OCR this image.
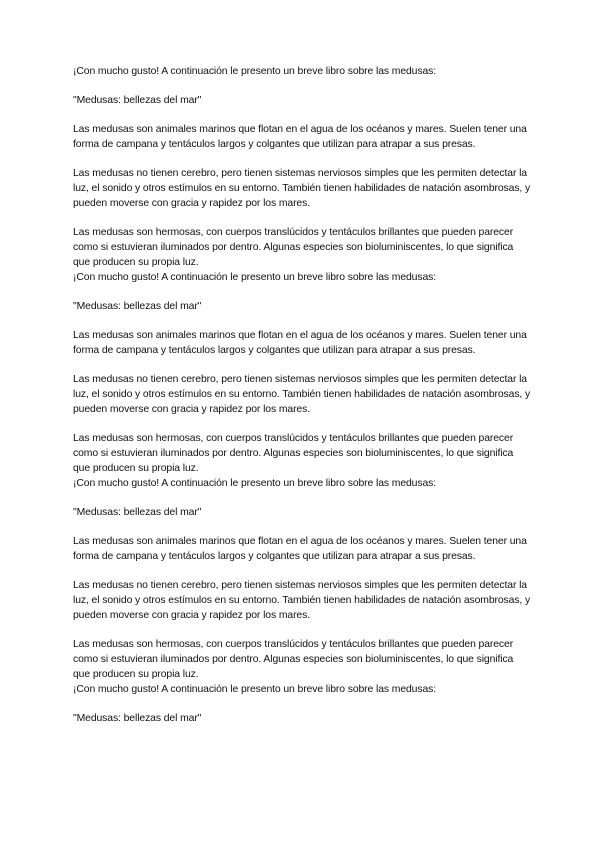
¡Con mucho gusto! A continuación le presento un breve libro sobre las medusas:

"Medusas: bellezas del mar"

Las medusas son animales marinos que flotan en el agua de los océanos y mares. Suelen tener una forma de campana y tentáculos largos y colgantes que utilizan para atrapar a sus presas.

Las medusas no tienen cerebro, pero tienen sistemas nerviosos simples que les permiten detectar la luz, el sonido y otros estímulos en su entorno. También tienen habilidades de natación asombrosas, y pueden moverse con gracia y rapidez por los mares.

Las medusas son hermosas, con cuerpos translúcidos y tentáculos brillantes que pueden parecer como si estuvieran iluminados por dentro. Algunas especies son bioluminiscentes, lo que significa que producen su propia luz.

¡Con mucho gusto! A continuación le presento un breve libro sobre las medusas:

"Medusas: bellezas del mar"

Las medusas son animales marinos que flotan en el agua de los océanos y mares. Suelen tener una forma de campana y tentáculos largos y colgantes que utilizan para atrapar a sus presas.

Las medusas no tienen cerebro, pero tienen sistemas nerviosos simples que les permiten detectar la luz, el sonido y otros estímulos en su entorno. También tienen habilidades de natación asombrosas, y pueden moverse con gracia y rapidez por los mares.

Las medusas son hermosas, con cuerpos translúcidos y tentáculos brillantes que pueden parecer como si estuvieran iluminados por dentro. Algunas especies son bioluminiscentes, lo que significa que producen su propia luz.

¡Con mucho gusto! A continuación le presento un breve libro sobre las medusas:

"Medusas: bellezas del mar"

Las medusas son animales marinos que flotan en el agua de los océanos y mares. Suelen tener una forma de campana y tentáculos largos y colgantes que utilizan para atrapar a sus presas.

Las medusas no tienen cerebro, pero tienen sistemas nerviosos simples que les permiten detectar la luz, el sonido y otros estímulos en su entorno. También tienen habilidades de natación asombrosas, y pueden moverse con gracia y rapidez por los mares.

Las medusas son hermosas, con cuerpos translúcidos y tentáculos brillantes que pueden parecer como si estuvieran iluminados por dentro. Algunas especies son bioluminiscentes, lo que significa que producen su propia luz.

¡Con mucho gusto! A continuación le presento un breve libro sobre las medusas:

"Medusas: bellezas del mar"
